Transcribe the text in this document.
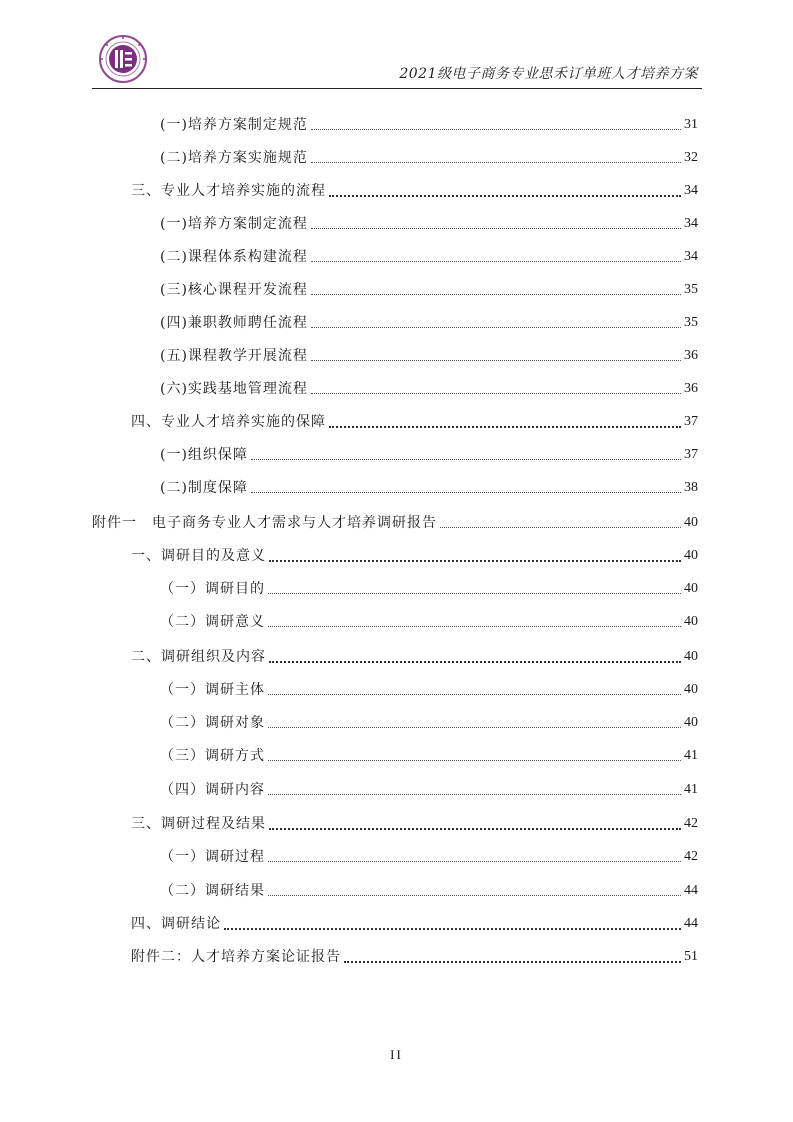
2021级电子商务专业思禾订单班人才培养方案
(一)培养方案制定规范	31
(二)培养方案实施规范	32
三、专业人才培养实施的流程	34
(一)培养方案制定流程	34
(二)课程体系构建流程	34
(三)核心课程开发流程	35
(四)兼职教师聘任流程	35
(五)课程教学开展流程	36
(六)实践基地管理流程	36
四、专业人才培养实施的保障	37
(一)组织保障	37
(二)制度保障	38
附件一　电子商务专业人才需求与人才培养调研报告	40
一、调研目的及意义	40
（一）调研目的	40
（二）调研意义	40
二、调研组织及内容	40
（一）调研主体	40
（二）调研对象	40
（三）调研方式	41
（四）调研内容	41
三、调研过程及结果	42
（一）调研过程	42
（二）调研结果	44
四、调研结论	44
附件二：人才培养方案论证报告	51
II
